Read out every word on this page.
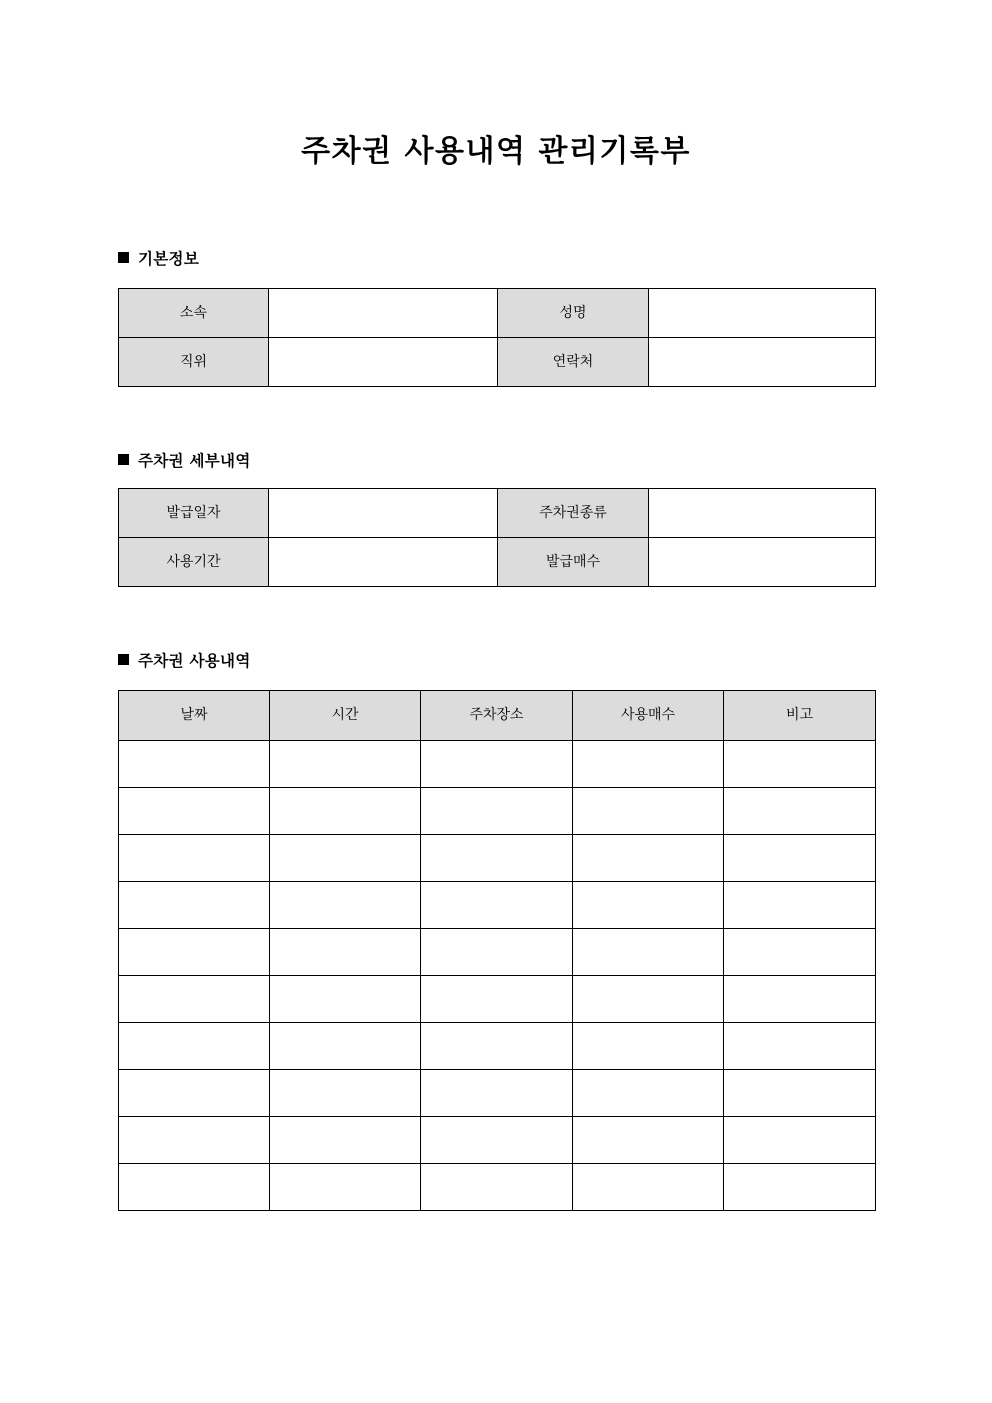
주차권 사용내역 관리기록부
기본정보
소속		성명	
직위		연락처	
주차권 세부내역
발급일자		주차권종류	
사용기간		발급매수	
주차권 사용내역
날짜	시간	주차장소	사용매수	비고
